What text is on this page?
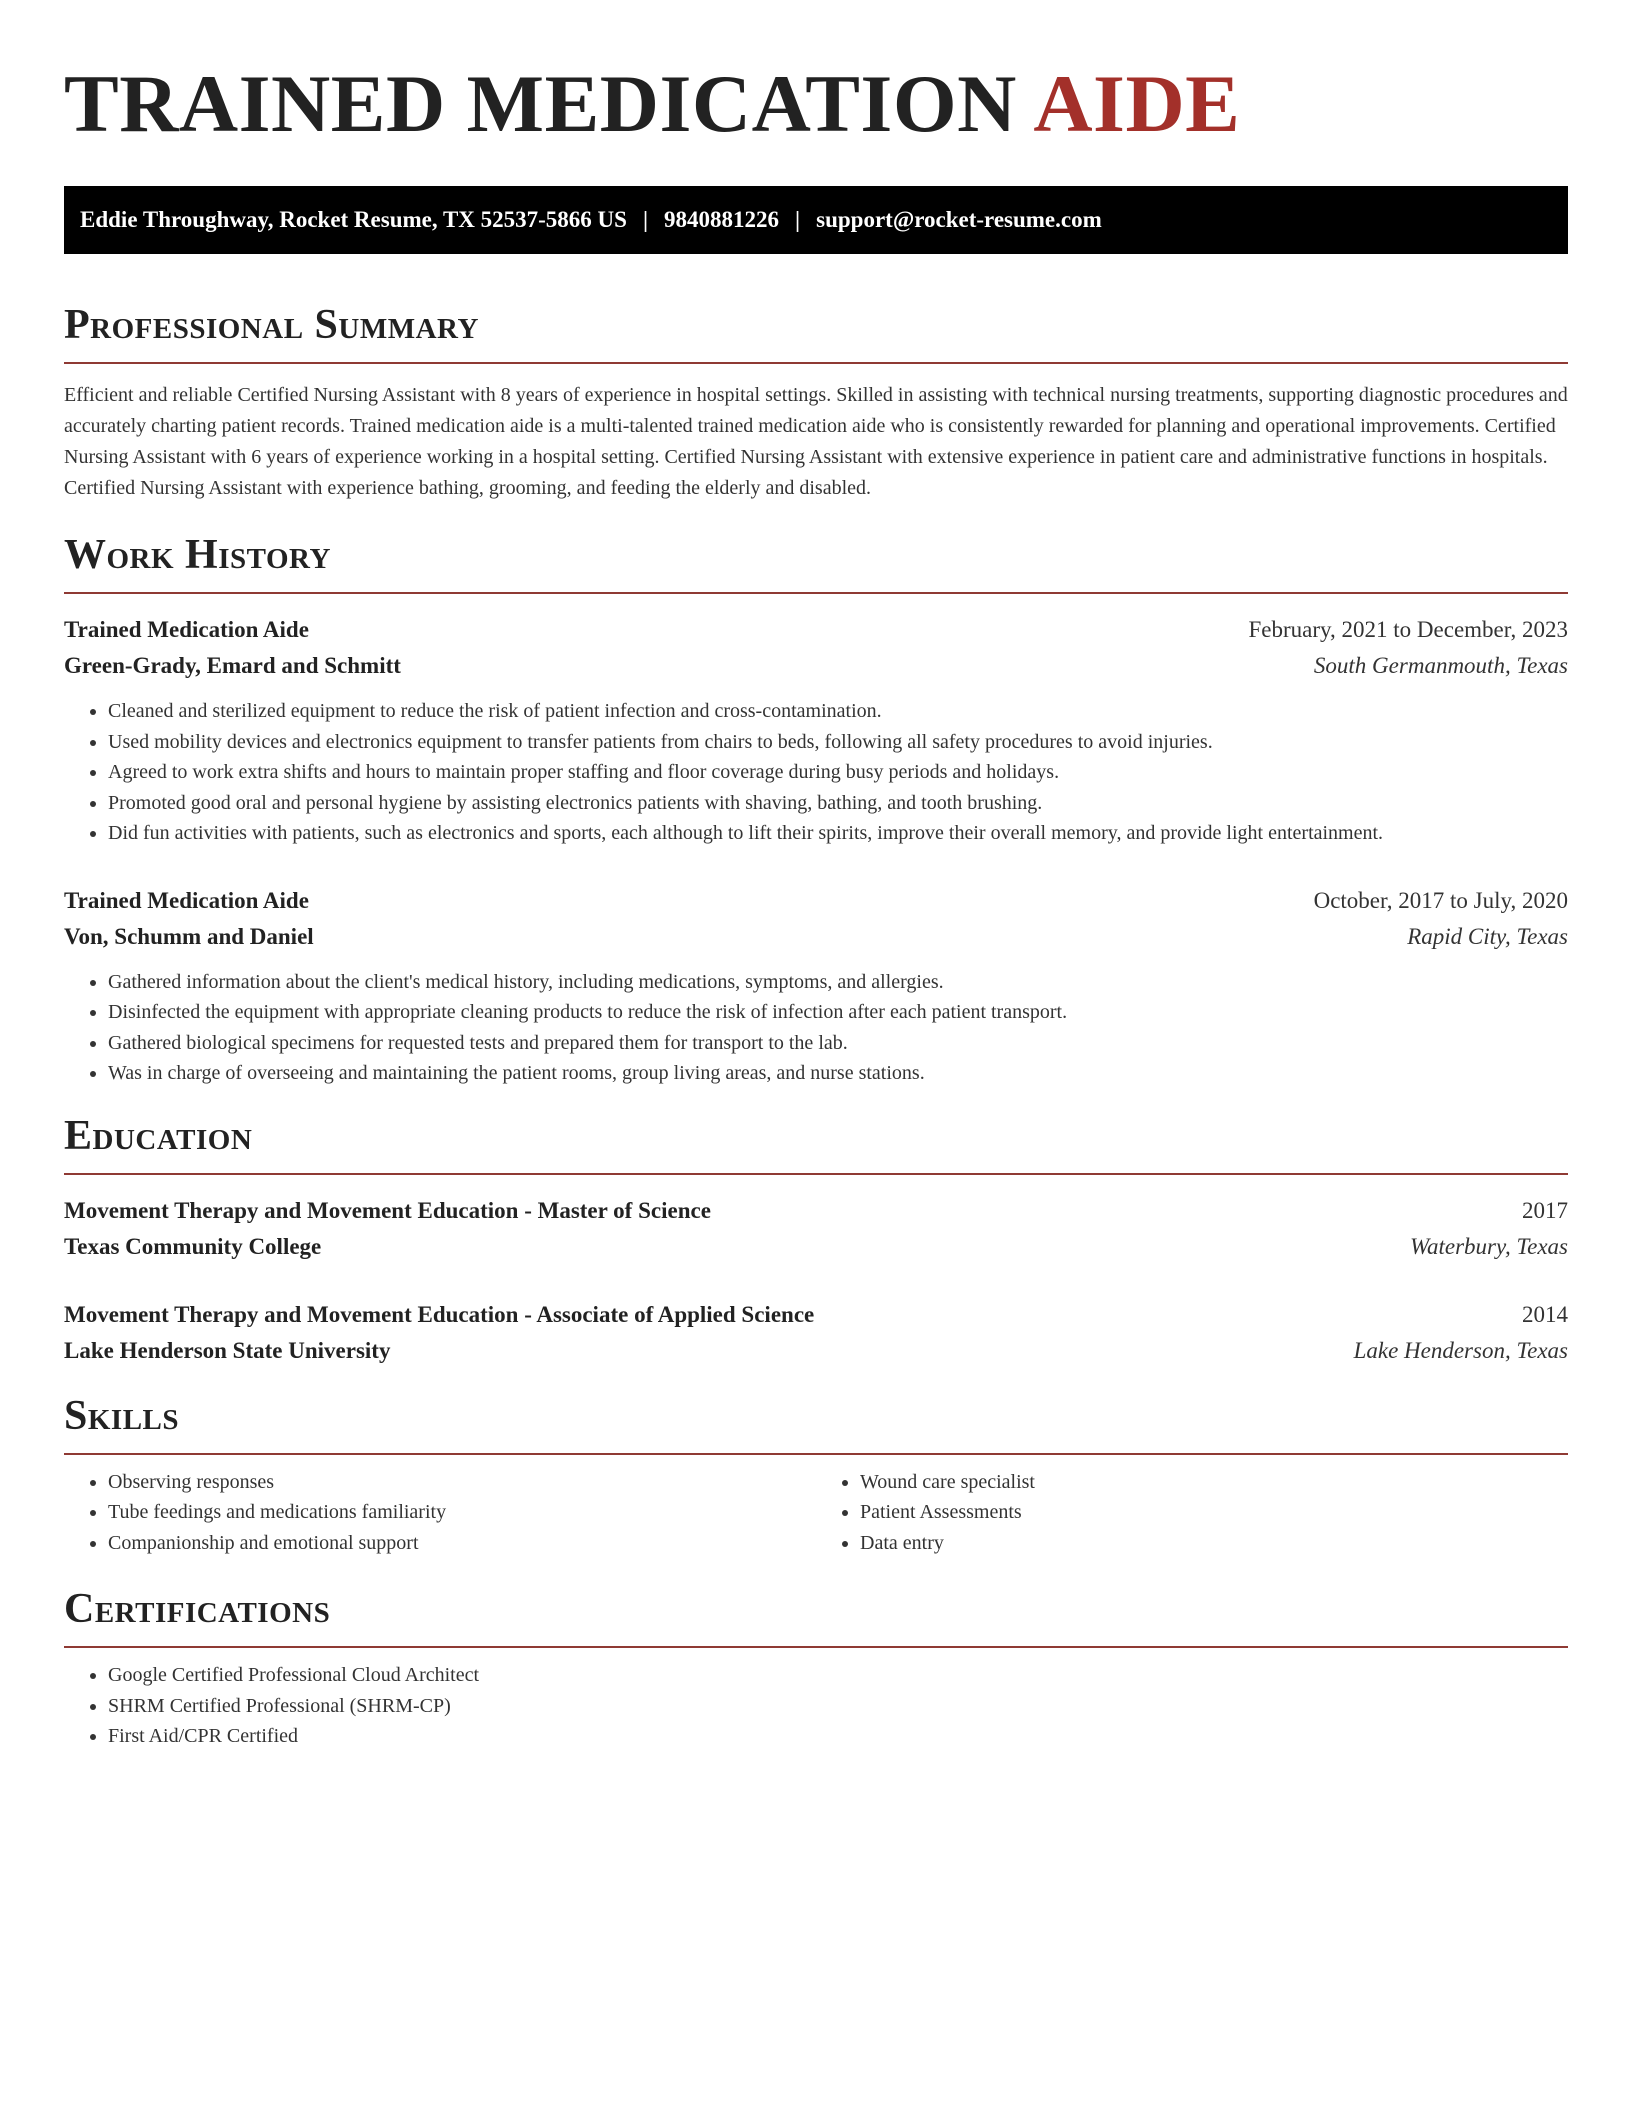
TRAINED MEDICATION AIDE
Eddie Throughway, Rocket Resume, TX 52537-5866 US | 9840881226 | support@rocket-resume.com
Professional Summary

Efficient and reliable Certified Nursing Assistant with 8 years of experience in hospital settings. Skilled in assisting with technical nursing treatments, supporting diagnostic procedures and accurately charting patient records. Trained medication aide is a multi-talented trained medication aide who is consistently rewarded for planning and operational improvements. Certified Nursing Assistant with 6 years of experience working in a hospital setting. Certified Nursing Assistant with extensive experience in patient care and administrative functions in hospitals. Certified Nursing Assistant with experience bathing, grooming, and feeding the elderly and disabled.

Work History
Trained Medication Aide	February, 2021 to December, 2023
Green-Grady, Emard and Schmitt	South Germanmouth, Texas
• Cleaned and sterilized equipment to reduce the risk of patient infection and cross-contamination.
• Used mobility devices and electronics equipment to transfer patients from chairs to beds, following all safety procedures to avoid injuries.
• Agreed to work extra shifts and hours to maintain proper staffing and floor coverage during busy periods and holidays.
• Promoted good oral and personal hygiene by assisting electronics patients with shaving, bathing, and tooth brushing.
• Did fun activities with patients, such as electronics and sports, each although to lift their spirits, improve their overall memory, and provide light entertainment.
Trained Medication Aide	October, 2017 to July, 2020
Von, Schumm and Daniel	Rapid City, Texas
• Gathered information about the client's medical history, including medications, symptoms, and allergies.
• Disinfected the equipment with appropriate cleaning products to reduce the risk of infection after each patient transport.
• Gathered biological specimens for requested tests and prepared them for transport to the lab.
• Was in charge of overseeing and maintaining the patient rooms, group living areas, and nurse stations.
Education
Movement Therapy and Movement Education - Master of Science	2017
Texas Community College	Waterbury, Texas
Movement Therapy and Movement Education - Associate of Applied Science	2014
Lake Henderson State University	Lake Henderson, Texas
Skills
• Observing responses
• Tube feedings and medications familiarity
• Companionship and emotional support
• Wound care specialist
• Patient Assessments
• Data entry
Certifications
• Google Certified Professional Cloud Architect
• SHRM Certified Professional (SHRM-CP)
• First Aid/CPR Certified
